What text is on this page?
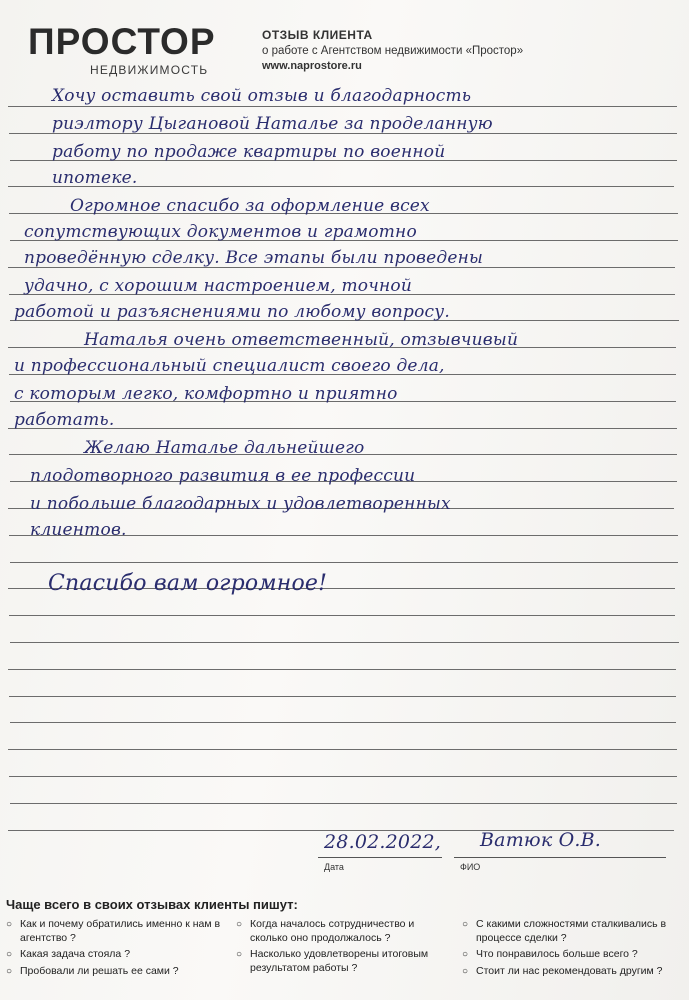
ПРОСТОР
НЕДВИЖИМОСТЬ
ОТЗЫВ КЛИЕНТА
о работе с Агентством недвижимости «Простор»
www.naprostore.ru
Хочу оставить свой отзыв и благодарность
риэлтору Цыгановой Наталье за проделанную
работу по продаже квартиры по военной
ипотеке.
Огромное спасибо за оформление всех
сопутствующих документов и грамотно
проведённую сделку. Все этапы были проведены
удачно, с хорошим настроением, точной
работой и разъяснениями по любому вопросу.
Наталья очень ответственный, отзывчивый
и профессиональный специалист своего дела,
с которым легко, комфортно и приятно
работать.
Желаю Наталье дальнейшего
плодотворного развития в ее профессии
и побольше благодарных и удовлетворенных
клиентов.
Спасибо вам огромное!
28.02.2022, Ватюк О.В.
Дата	ФИО
Чаще всего в своих отзывах клиенты пишут:
○ Как и почему обратились именно к нам в агентство ?
○ Какая задача стояла ?
○ Пробовали ли решать ее сами ?
○ Когда началось сотрудничество и сколько оно продолжалось ?
○ Насколько удовлетворены итоговым результатом работы ?
○ С какими сложностями сталкивались в процессе сделки ?
○ Что понравилось больше всего ?
○ Стоит ли нас рекомендовать другим ?
